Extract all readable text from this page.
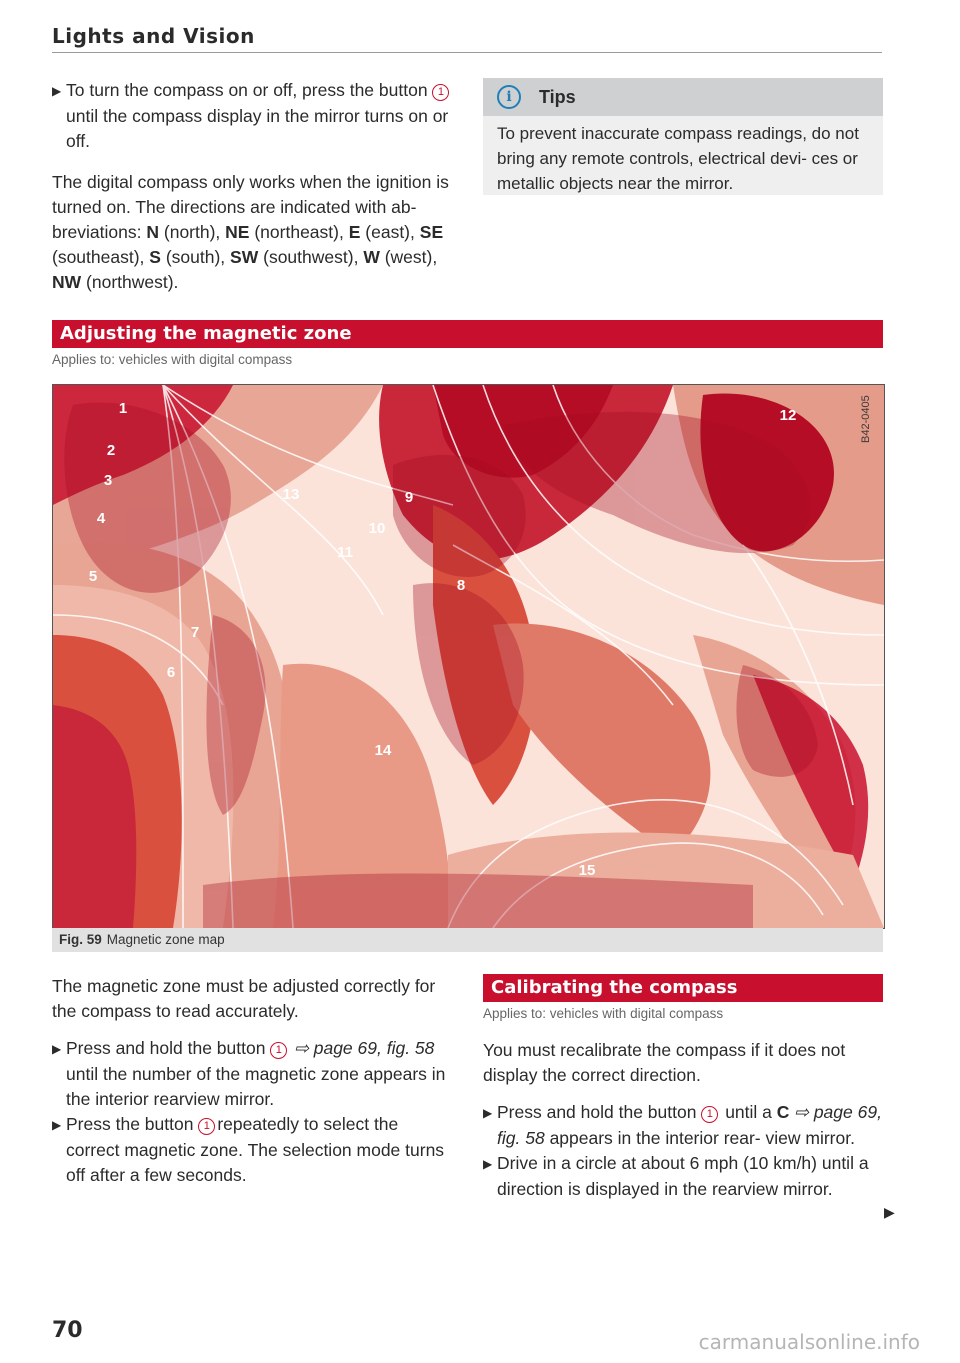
Lights and Vision

▶ To turn the compass on or off, press the button 1until the compass display in the mirror turns on or off.

The digital compass only works when the ignition is turned on. The directions are indicated with ab- breviations: N (north), NE (northeast), E (east), SE (southeast), S (south), SW (southwest), W (west), NW (northwest).

i	Tips
To prevent inaccurate compass readings, do not bring any remote controls, electrical devi- ces or metallic objects near the mirror.
Adjusting the magnetic zone
Applies to: vehicles with digital compass
B42-0405
1
2
3
4
5
6
7
8
9
10
11
12
13
14
15
Fig. 59 Magnetic zone map

The magnetic zone must be adjusted correctly for the compass to read accurately.

▶ Press and hold the button 1 ⇨ page 69, fig. 58 until the number of the magnetic zone appears in the interior rearview mirror.

▶ Press the button 1 repeatedly to select the correct magnetic zone. The selection mode turns off after a few seconds.

Calibrating the compass
Applies to: vehicles with digital compass

You must recalibrate the compass if it does not display the correct direction.

▶ Press and hold the button 1 until a C ⇨ page 69, fig. 58 appears in the interior rear- view mirror.

▶ Drive in a circle at about 6 mph (10 km/h) until a direction is displayed in the rearview mirror.

▶
70	carmanualsonline.info
